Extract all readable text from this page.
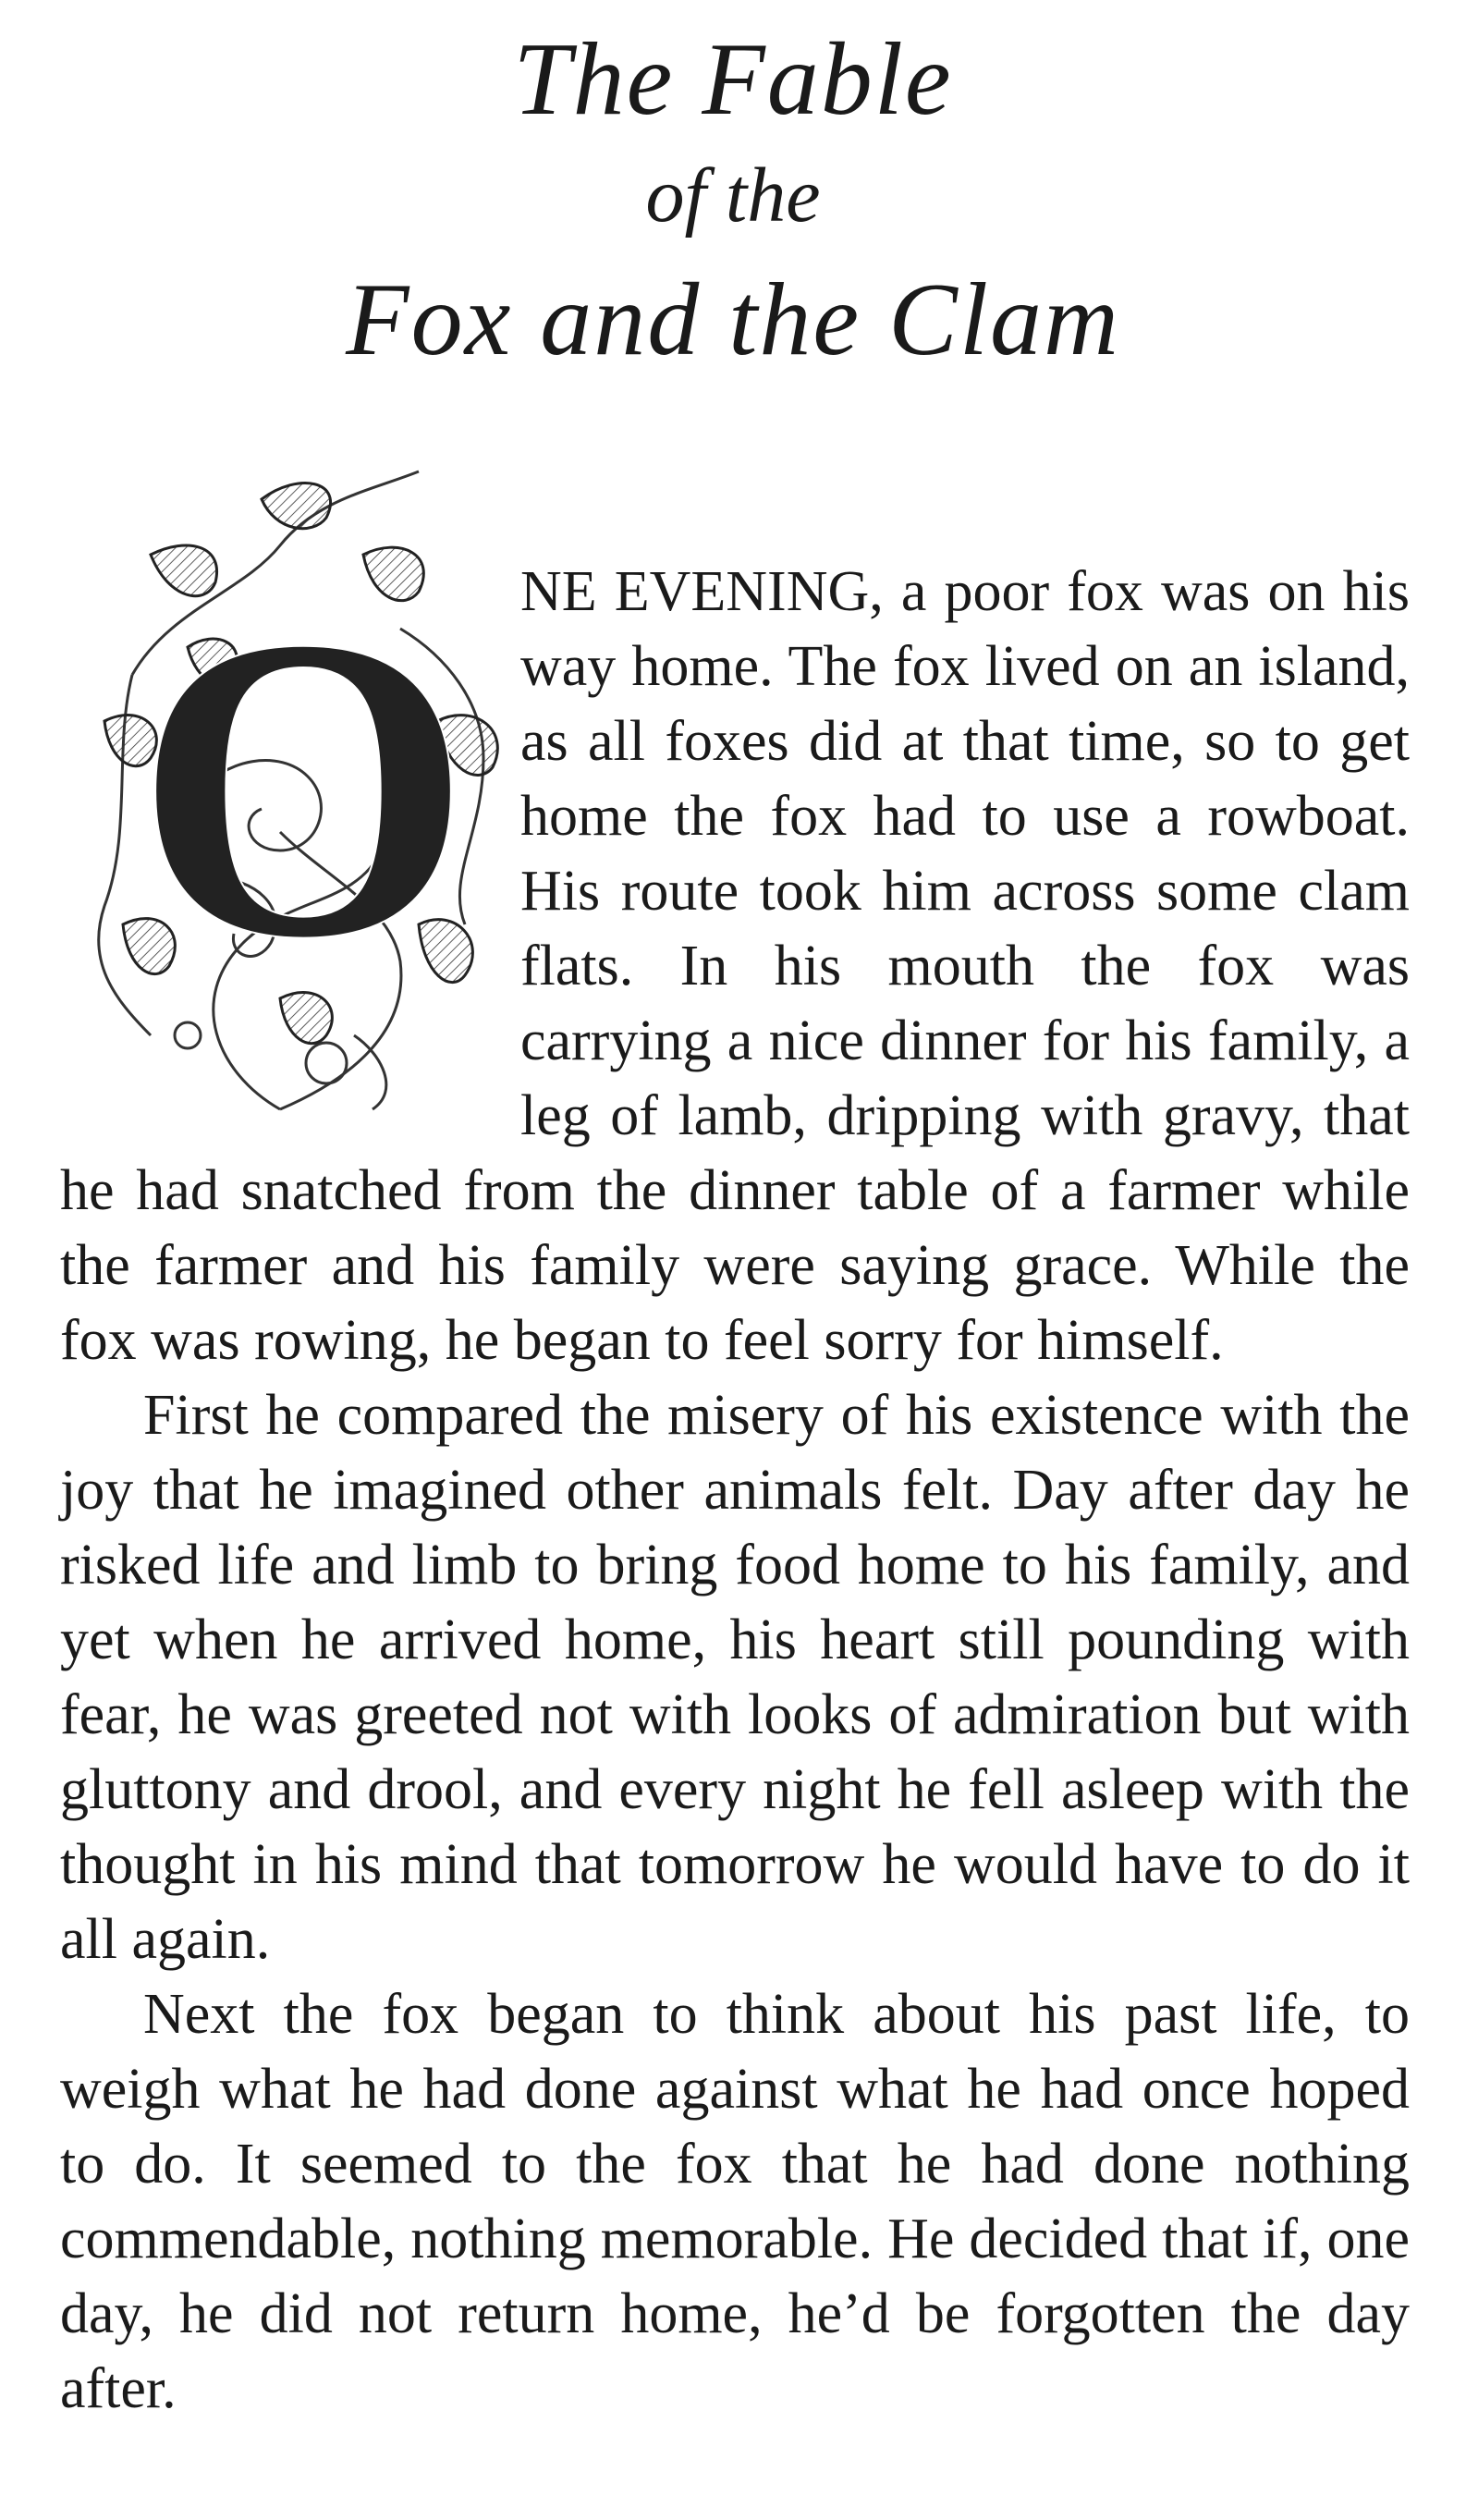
The Fable
of the
Fox and the Clam
O NE EVENING, a poor fox was on his way home. The fox lived on an island, as all foxes did at that time, so to get home the fox had to use a rowboat. His route took him across some clam flats. In his mouth the fox was carrying a nice dinner for his family, a leg of lamb, dripping with gravy, that he had snatched from the dinner table of a farmer while the farmer and his family were saying grace. While the fox was rowing, he began to feel sorry for himself.

First he compared the misery of his existence with the joy that he imagined other animals felt. Day after day he risked life and limb to bring food home to his family, and yet when he arrived home, his heart still pounding with fear, he was greeted not with looks of admiration but with gluttony and drool, and every night he fell asleep with the thought in his mind that tomorrow he would have to do it all again.

Next the fox began to think about his past life, to weigh what he had done against what he had once hoped to do. It seemed to the fox that he had done nothing commendable, nothing memorable. He decided that if, one day, he did not return home, he’d be forgotten the day after.
